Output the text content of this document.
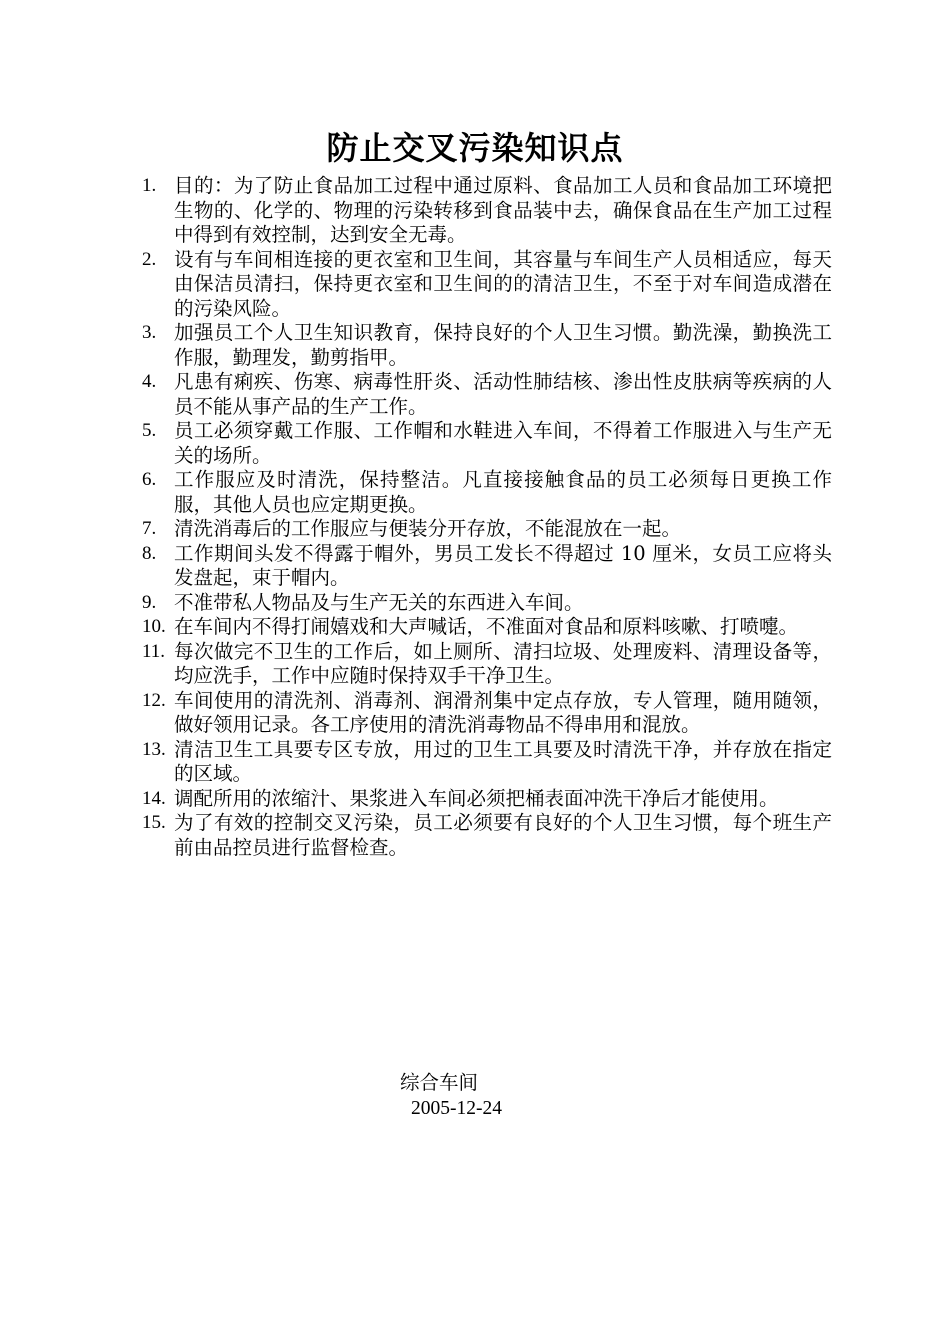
防止交叉污染知识点
1. 目的：为了防止食品加工过程中通过原料、食品加工人员和食品加工环境把生物的、化学的、物理的污染转移到食品装中去，确保食品在生产加工过程中得到有效控制，达到安全无毒。
2. 设有与车间相连接的更衣室和卫生间，其容量与车间生产人员相适应，每天由保洁员清扫，保持更衣室和卫生间的的清洁卫生，不至于对车间造成潜在的污染风险。
3. 加强员工个人卫生知识教育，保持良好的个人卫生习惯。勤洗澡，勤换洗工作服，勤理发，勤剪指甲。
4. 凡患有痢疾、伤寒、病毒性肝炎、活动性肺结核、渗出性皮肤病等疾病的人员不能从事产品的生产工作。
5. 员工必须穿戴工作服、工作帽和水鞋进入车间，不得着工作服进入与生产无关的场所。
6. 工作服应及时清洗，保持整洁。凡直接接触食品的员工必须每日更换工作服，其他人员也应定期更换。
7. 清洗消毒后的工作服应与便装分开存放，不能混放在一起。
8. 工作期间头发不得露于帽外，男员工发长不得超过 10 厘米，女员工应将头发盘起，束于帽内。
9. 不准带私人物品及与生产无关的东西进入车间。
10. 在车间内不得打闹嬉戏和大声喊话，不准面对食品和原料咳嗽、打喷嚏。
11. 每次做完不卫生的工作后，如上厕所、清扫垃圾、处理废料、清理设备等，均应洗手，工作中应随时保持双手干净卫生。
12. 车间使用的清洗剂、消毒剂、润滑剂集中定点存放，专人管理，随用随领，做好领用记录。各工序使用的清洗消毒物品不得串用和混放。
13. 清洁卫生工具要专区专放，用过的卫生工具要及时清洗干净，并存放在指定的区域。
14. 调配所用的浓缩汁、果浆进入车间必须把桶表面冲洗干净后才能使用。
15. 为了有效的控制交叉污染，员工必须要有良好的个人卫生习惯，每个班生产前由品控员进行监督检查。
综合车间
2005-12-24
